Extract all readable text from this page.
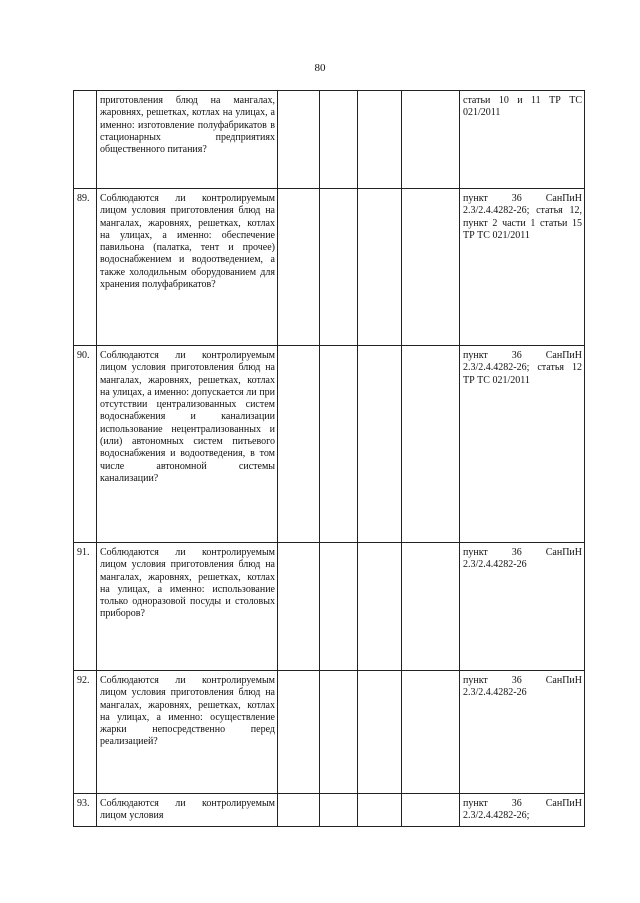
80
	приготовления блюд на мангалах, жаровнях, решетках, котлах на улицах, а именно: изготовление полуфабрикатов в стационарных предприятиях общественного питания?					статьи 10 и 11 ТР ТС 021/2011
89.	Соблюдаются ли контролируемым лицом условия приготовления блюд на мангалах, жаровнях, решетках, котлах на улицах, а именно: обеспечение павильона (палатка, тент и прочее) водоснабжением и водоотведением, а также холодильным оборудованием для хранения полуфабрикатов?					пункт 36 СанПиН 2.3/2.4.4282-26; статья 12, пункт 2 части 1 статьи 15 ТР ТС 021/2011
90.	Соблюдаются ли контролируемым лицом условия приготовления блюд на мангалах, жаровнях, решетках, котлах на улицах, а именно: допускается ли при отсутствии централизованных систем водоснабжения и канализации использование нецентрализованных и (или) автономных систем питьевого водоснабжения и водоотведения, в том числе автономной системы канализации?					пункт 36 СанПиН 2.3/2.4.4282-26; статья 12 ТР ТС 021/2011
91.	Соблюдаются ли контролируемым лицом условия приготовления блюд на мангалах, жаровнях, решетках, котлах на улицах, а именно: использование только одноразовой посуды и столовых приборов?					пункт 36 СанПиН 2.3/2.4.4282-26
92.	Соблюдаются ли контролируемым лицом условия приготовления блюд на мангалах, жаровнях, решетках, котлах на улицах, а именно: осуществление жарки непосредственно перед реализацией?					пункт 36 СанПиН 2.3/2.4.4282-26
93.	Соблюдаются ли контролируемым лицом условия					пункт 36 СанПиН 2.3/2.4.4282-26;
